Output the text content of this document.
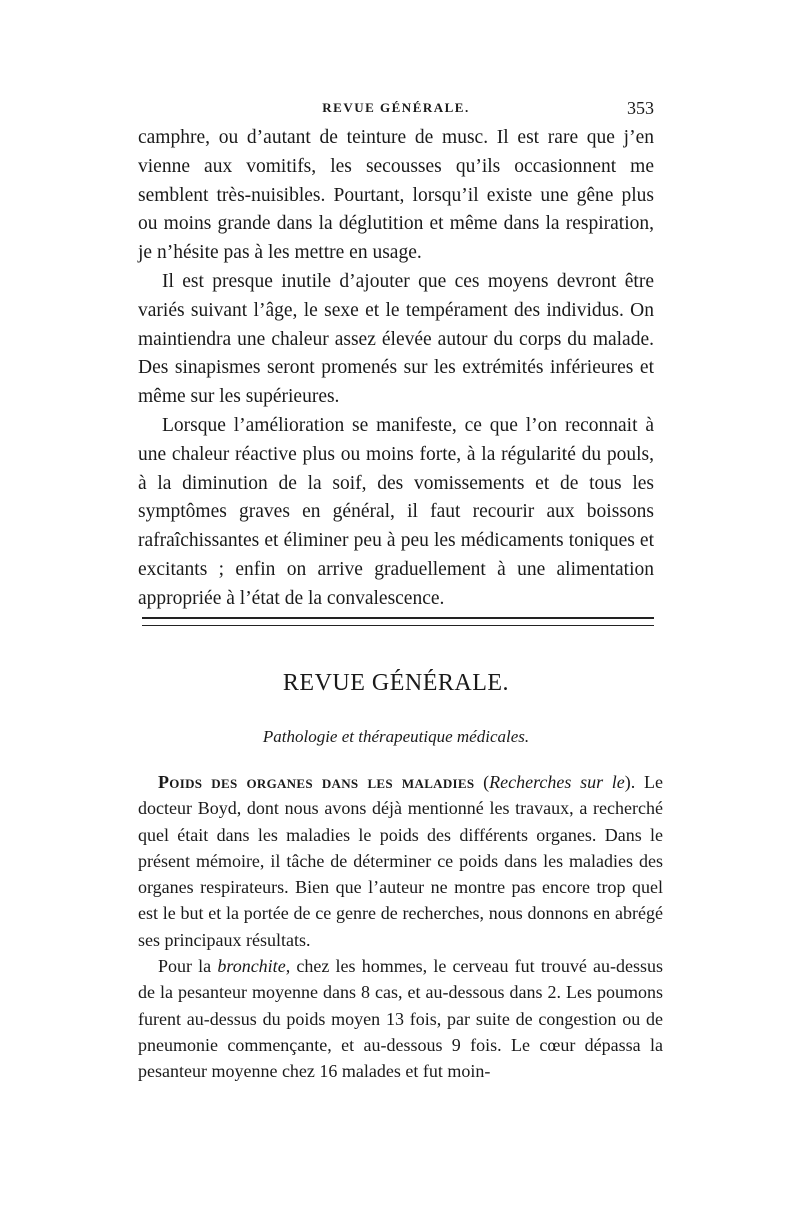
REVUE GÉNÉRALE.	353

camphre, ou d’autant de teinture de musc. Il est rare que j’en vienne aux vomitifs, les secousses qu’ils occasionnent me semblent très-nuisibles. Pourtant, lorsqu’il existe une gêne plus ou moins grande dans la déglutition et même dans la respiration, je n’hésite pas à les mettre en usage.

Il est presque inutile d’ajouter que ces moyens devront être variés suivant l’âge, le sexe et le tempérament des individus. On maintiendra une chaleur assez élevée autour du corps du malade. Des sinapismes seront promenés sur les extrémités inférieures et même sur les supérieures.

Lorsque l’amélioration se manifeste, ce que l’on reconnait à une chaleur réactive plus ou moins forte, à la régularité du pouls, à la diminution de la soif, des vomissements et de tous les symptômes graves en général, il faut recourir aux boissons rafraîchissantes et éliminer peu à peu les médicaments toniques et excitants ; enfin on arrive graduellement à une alimentation appropriée à l’état de la convalescence.

REVUE GÉNÉRALE.
Pathologie et thérapeutique médicales.

Poids des organes dans les maladies (Recherches sur le). Le docteur Boyd, dont nous avons déjà mentionné les travaux, a recherché quel était dans les maladies le poids des différents organes. Dans le présent mémoire, il tâche de déterminer ce poids dans les maladies des organes respirateurs. Bien que l’auteur ne montre pas encore trop quel est le but et la portée de ce genre de recherches, nous donnons en abrégé ses principaux résultats.

Pour la bronchite, chez les hommes, le cerveau fut trouvé au-dessus de la pesanteur moyenne dans 8 cas, et au-dessous dans 2. Les poumons furent au-dessus du poids moyen 13 fois, par suite de congestion ou de pneumonie commençante, et au-dessous 9 fois. Le cœur dépassa la pesanteur moyenne chez 16 malades et fut moin-
